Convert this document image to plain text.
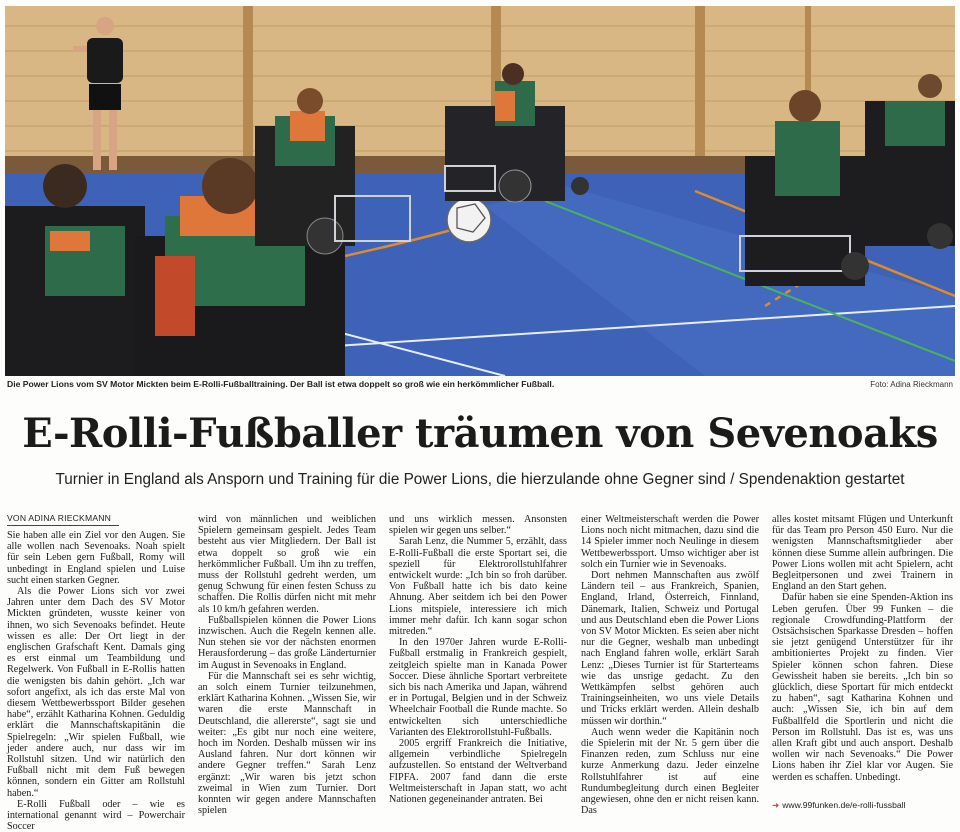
Die Power Lions vom SV Motor Mickten beim E-Rolli-Fußballtraining. Der Ball ist etwa doppelt so groß wie ein herkömmlicher Fußball.	Foto: Adina Rieckmann
E-Rolli-Fußballer träumen von Sevenoaks
Turnier in England als Ansporn und Training für die Power Lions, die hierzulande ohne Gegner sind / Spendenaktion gestartet
VON ADINA RIECKMANN

Sie haben alle ein Ziel vor den Augen. Sie alle wollen nach Sevenoaks. Noah spielt für sein Leben gern Fußball, Romy will unbedingt in England spielen und Luise sucht einen starken Gegner.

Als die Power Lions sich vor zwei Jahren unter dem Dach des SV Motor Mickten gründeten, wusste keiner von ihnen, wo sich Sevenoaks befindet. Heute wissen es alle: Der Ort liegt in der englischen Grafschaft Kent. Damals ging es erst einmal um Teambildung und Regelwerk. Von Fußball in E-Rollis hatten die wenigsten bis dahin gehört. „Ich war sofort angefixt, als ich das erste Mal von diesem Wettbewerbssport Bilder gesehen habe“, erzählt Katharina Kohnen. Geduldig erklärt die Mannschaftskapitänin die Spielregeln: „Wir spielen Fußball, wie jeder andere auch, nur dass wir im Rollstuhl sitzen. Und wir natürlich den Fußball nicht mit dem Fuß bewegen können, sondern ein Gitter am Rollstuhl haben.“

E-Rolli Fußball oder – wie es international genannt wird – Powerchair Soccer

wird von männlichen und weiblichen Spielern gemeinsam gespielt. Jedes Team besteht aus vier Mitgliedern. Der Ball ist etwa doppelt so groß wie ein herkömmlicher Fußball. Um ihn zu treffen, muss der Rollstuhl gedreht werden, um genug Schwung für einen festen Schuss zu schaffen. Die Rollis dürfen nicht mit mehr als 10 km/h gefahren werden.

Fußballspielen können die Power Lions inzwischen. Auch die Regeln kennen alle. Nun stehen sie vor der nächsten enormen Herausforderung – das große Länderturnier im August in Sevenoaks in England.

Für die Mannschaft sei es sehr wichtig, an solch einem Turnier teilzunehmen, erklärt Katharina Kohnen. „Wissen Sie, wir waren die erste Mannschaft in Deutschland, die allererste“, sagt sie und weiter: „Es gibt nur noch eine weitere, hoch im Norden. Deshalb müssen wir ins Ausland fahren. Nur dort können wir andere Gegner treffen.“ Sarah Lenz ergänzt: „Wir waren bis jetzt schon zweimal in Wien zum Turnier. Dort konnten wir gegen andere Mannschaften spielen

und uns wirklich messen. Ansonsten spielen wir gegen uns selber.“

Sarah Lenz, die Nummer 5, erzählt, dass E-Rolli-Fußball die erste Sportart sei, die speziell für Elektrorollstuhlfahrer entwickelt wurde: „Ich bin so froh darüber. Von Fußball hatte ich bis dato keine Ahnung. Aber seitdem ich bei den Power Lions mitspiele, interessiere ich mich immer mehr dafür. Ich kann sogar schon mitreden.“

In den 1970er Jahren wurde E-Rolli-Fußball erstmalig in Frankreich gespielt, zeitgleich spielte man in Kanada Power Soccer. Diese ähnliche Sportart verbreitete sich bis nach Amerika und Japan, während er in Portugal, Belgien und in der Schweiz Wheelchair Football die Runde machte. So entwickelten sich unterschiedliche Varianten des Elektrorollstuhl-Fußballs.

2005 ergriff Frankreich die Initiative, allgemein verbindliche Spielregeln aufzustellen. So entstand der Weltverband FIPFA. 2007 fand dann die erste Weltmeisterschaft in Japan statt, wo acht Nationen gegeneinander antraten. Bei

einer Weltmeisterschaft werden die Power Lions noch nicht mitmachen, dazu sind die 14 Spieler immer noch Neulinge in diesem Wettbewerbssport. Umso wichtiger aber ist solch ein Turnier wie in Sevenoaks.

Dort nehmen Mannschaften aus zwölf Ländern teil – aus Frankreich, Spanien, England, Irland, Österreich, Finnland, Dänemark, Italien, Schweiz und Portugal und aus Deutschland eben die Power Lions von SV Motor Mickten. Es seien aber nicht nur die Gegner, weshalb man unbedingt nach England fahren wolle, erklärt Sarah Lenz: „Dieses Turnier ist für Starterteams wie das unsrige gedacht. Zu den Wettkämpfen selbst gehören auch Trainingseinheiten, wo uns viele Details und Tricks erklärt werden. Allein deshalb müssen wir dorthin.“

Auch wenn weder die Kapitänin noch die Spielerin mit der Nr. 5 gern über die Finanzen reden, zum Schluss nur eine kurze Anmerkung dazu. Jeder einzelne Rollstuhlfahrer ist auf eine Rundumbegleitung durch einen Begleiter angewiesen, ohne den er nicht reisen kann. Das

alles kostet mitsamt Flügen und Unterkunft für das Team pro Person 450 Euro. Nur die wenigsten Mannschaftsmitglieder aber können diese Summe allein aufbringen. Die Power Lions wollen mit acht Spielern, acht Begleitpersonen und zwei Trainern in England an den Start gehen.

Dafür haben sie eine Spenden-Aktion ins Leben gerufen. Über 99 Funken – die regionale Crowdfunding-Plattform der Ostsächsischen Sparkasse Dresden – hoffen sie jetzt genügend Unterstützer für ihr ambitioniertes Projekt zu finden. Vier Spieler können schon fahren. Diese Gewissheit haben sie bereits. „Ich bin so glücklich, diese Sportart für mich entdeckt zu haben“, sagt Katharina Kohnen und auch: „Wissen Sie, ich bin auf dem Fußballfeld die Sportlerin und nicht die Person im Rollstuhl. Das ist es, was uns allen Kraft gibt und auch ansport. Deshalb wollen wir nach Sevenoaks.“ Die Power Lions haben ihr Ziel klar vor Augen. Sie werden es schaffen. Unbedingt.

➜ www.99funken.de/e-rolli-fussball
